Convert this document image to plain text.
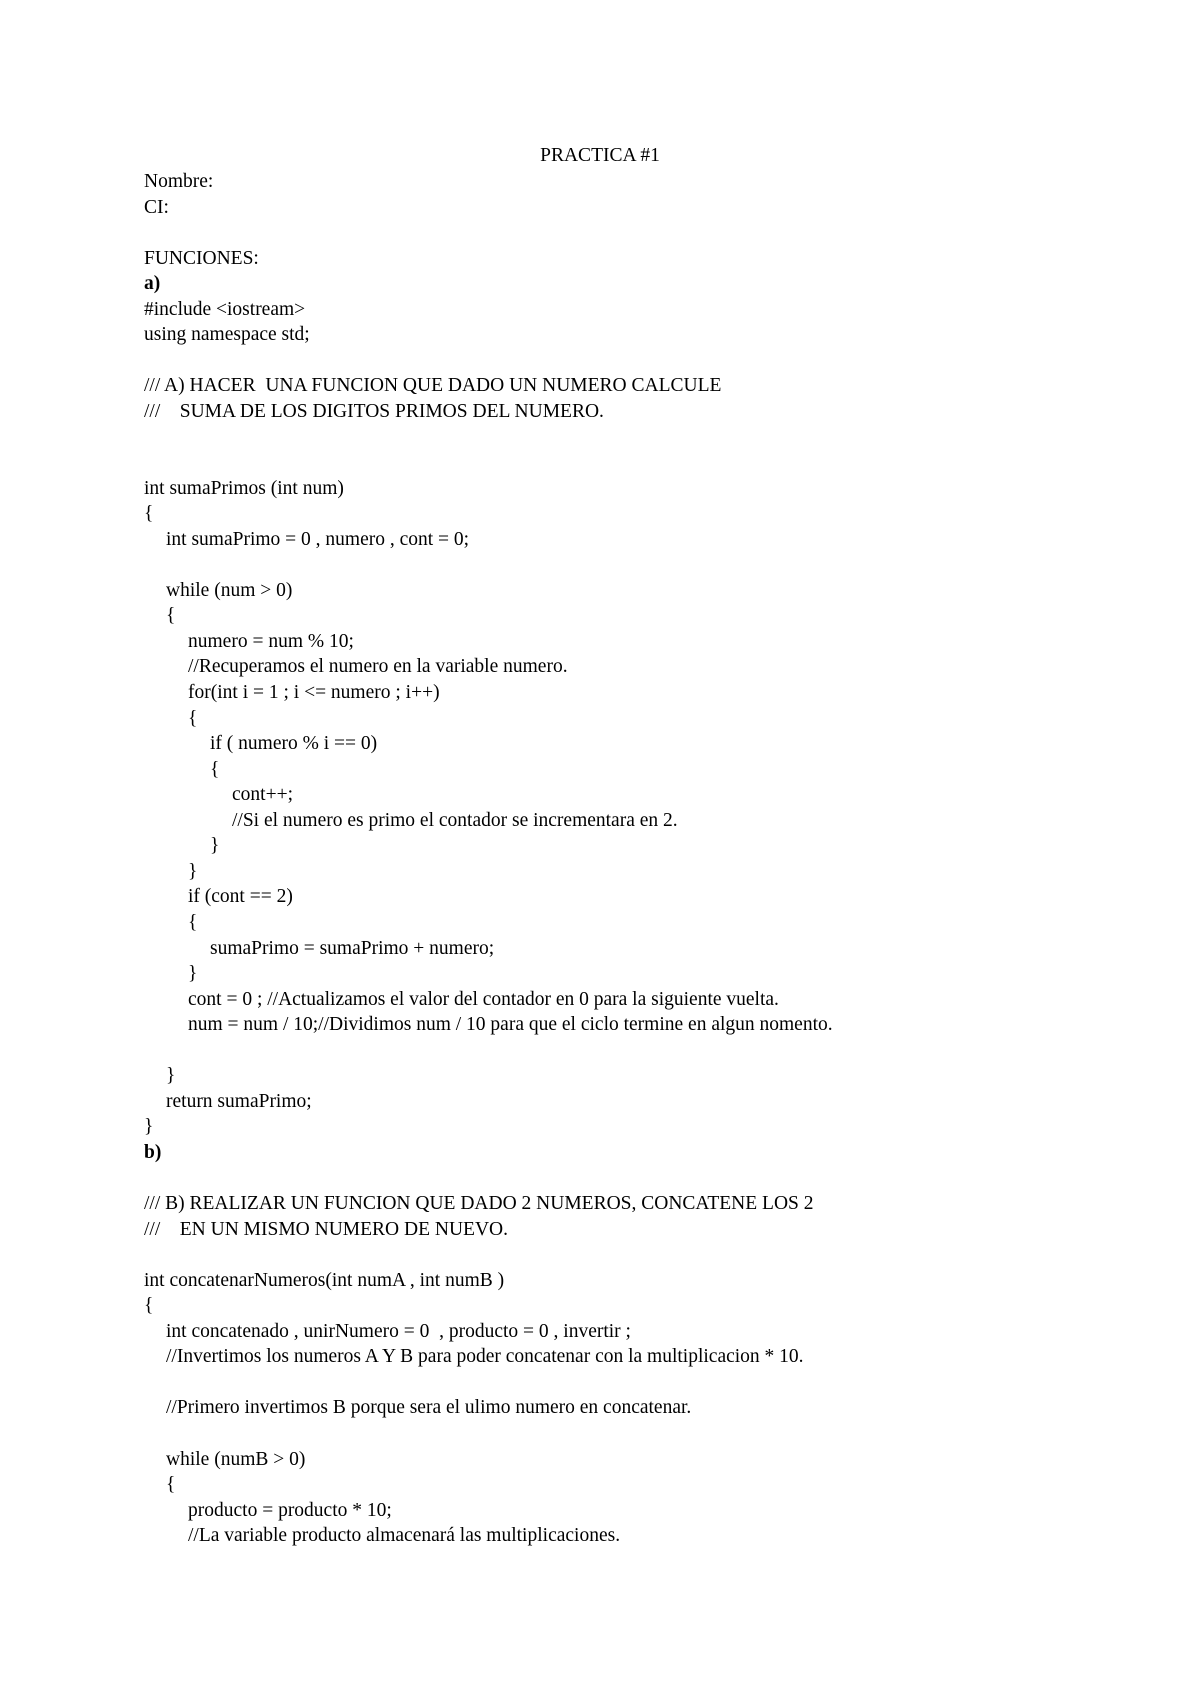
PRACTICA #1
Nombre:
CI:
FUNCIONES:
a)
#include <iostream>
using namespace std;
/// A) HACER  UNA FUNCION QUE DADO UN NUMERO CALCULE
///    SUMA DE LOS DIGITOS PRIMOS DEL NUMERO.
int sumaPrimos (int num)
{
int sumaPrimo = 0 , numero , cont = 0;
while (num > 0)
{
numero = num % 10;
//Recuperamos el numero en la variable numero.
for(int i = 1 ; i <= numero ; i++)
{
if ( numero % i == 0)
{
cont++;
//Si el numero es primo el contador se incrementara en 2.
}
}
if (cont == 2)
{
sumaPrimo = sumaPrimo + numero;
}
cont = 0 ; //Actualizamos el valor del contador en 0 para la siguiente vuelta.
num = num / 10;//Dividimos num / 10 para que el ciclo termine en algun nomento.
}
return sumaPrimo;
}
b)
/// B) REALIZAR UN FUNCION QUE DADO 2 NUMEROS, CONCATENE LOS 2
///    EN UN MISMO NUMERO DE NUEVO.
int concatenarNumeros(int numA , int numB )
{
int concatenado , unirNumero = 0  , producto = 0 , invertir ;
//Invertimos los numeros A Y B para poder concatenar con la multiplicacion * 10.
//Primero invertimos B porque sera el ulimo numero en concatenar.
while (numB > 0)
{
producto = producto * 10;
//La variable producto almacenará las multiplicaciones.
